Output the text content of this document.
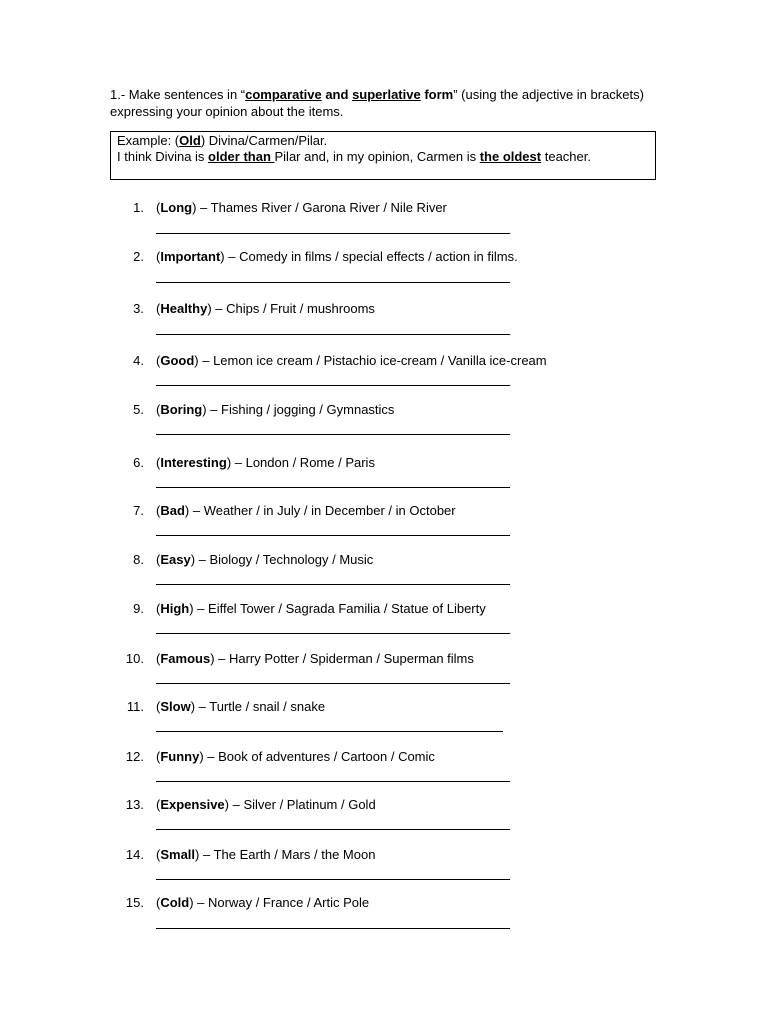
1.- Make sentences in “comparative and superlative form” (using the adjective in brackets)
expressing your opinion about the items.
Example: (Old) Divina/Carmen/Pilar.
I think Divina is older than Pilar and, in my opinion, Carmen is the oldest teacher.
1. (Long) – Thames River / Garona River / Nile River
2. (Important) – Comedy in films / special effects / action in films.
3. (Healthy) – Chips / Fruit / mushrooms
4. (Good) – Lemon ice cream / Pistachio ice-cream / Vanilla ice-cream
5. (Boring) – Fishing / jogging / Gymnastics
6. (Interesting) – London / Rome / Paris
7. (Bad) – Weather / in July / in December / in October
8. (Easy) – Biology / Technology / Music
9. (High) – Eiffel Tower / Sagrada Familia / Statue of Liberty
10. (Famous) – Harry Potter / Spiderman / Superman films
11. (Slow) – Turtle / snail / snake
12. (Funny) – Book of adventures / Cartoon / Comic
13. (Expensive) – Silver / Platinum / Gold
14. (Small) – The Earth / Mars / the Moon
15. (Cold) – Norway / France / Artic Pole
